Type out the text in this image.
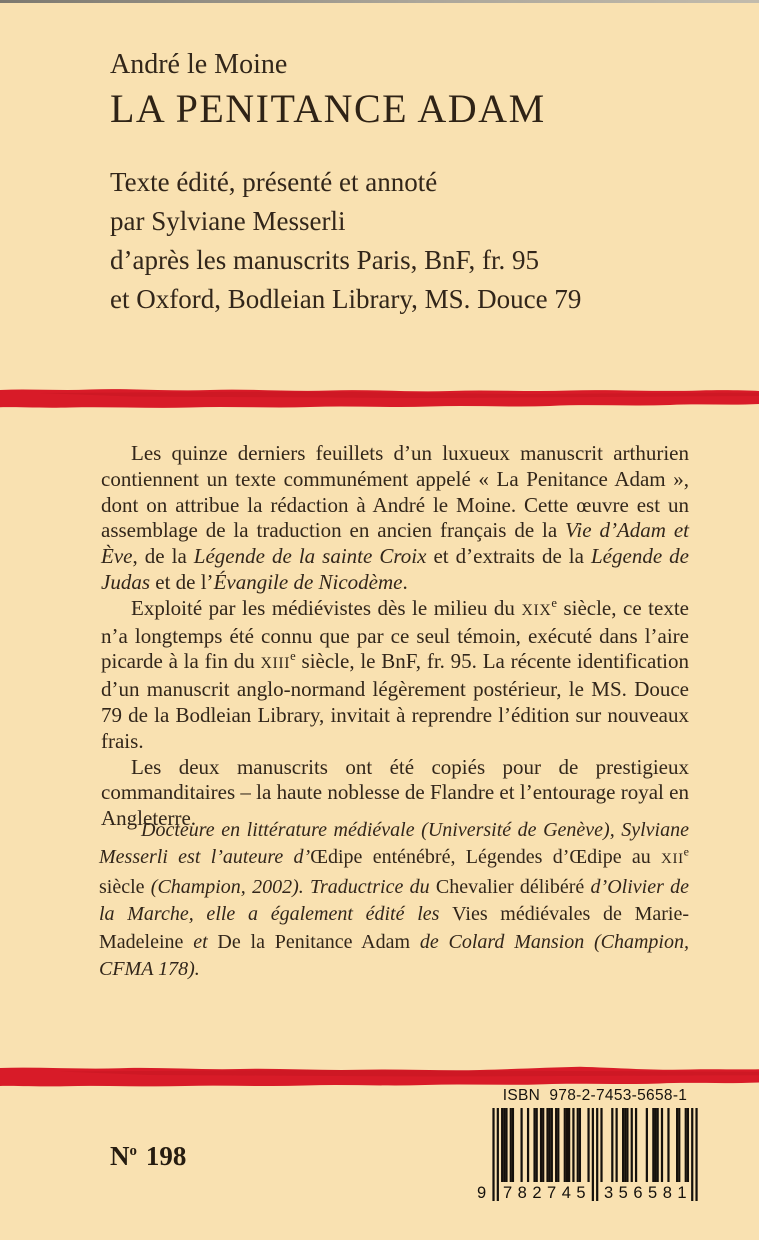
André le Moine
LA PENITANCE ADAM
Texte édité, présenté et annoté
par Sylviane Messerli
d’après les manuscrits Paris, BnF, fr. 95
et Oxford, Bodleian Library, MS. Douce 79

Les quinze derniers feuillets d’un luxueux manuscrit arthurien contiennent un texte communément appelé « La Penitance Adam », dont on attribue la rédaction à André le Moine. Cette œuvre est un assemblage de la traduction en ancien français de la Vie d’Adam et Ève, de la Légende de la sainte Croix et d’extraits de la Légende de Judas et de l’Évangile de Nicodème.

Exploité par les médiévistes dès le milieu du XIXe siècle, ce texte n’a longtemps été connu que par ce seul témoin, exécuté dans l’aire picarde à la fin du XIIIe siècle, le BnF, fr. 95. La récente identification d’un manuscrit anglo-normand légèrement postérieur, le MS. Douce 79 de la Bodleian Library, invitait à reprendre l’édition sur nouveaux frais.

Les deux manuscrits ont été copiés pour de prestigieux commanditaires – la haute noblesse de Flandre et l’entourage royal en Angleterre.

Docteure en littérature médiévale (Université de Genève), Sylviane Messerli est l’auteure d’Œdipe enténébré, Légendes d’Œdipe au XIIe siècle (Champion, 2002). Traductrice du Chevalier délibéré d’Olivier de la Marche, elle a également édité les Vies médiévales de Marie-Madeleine et De la Penitance Adam de Colard Mansion (Champion, CFMA 178).

$N^o$ 198
ISBN  978-2-7453-5658-1
9 782745 356581
